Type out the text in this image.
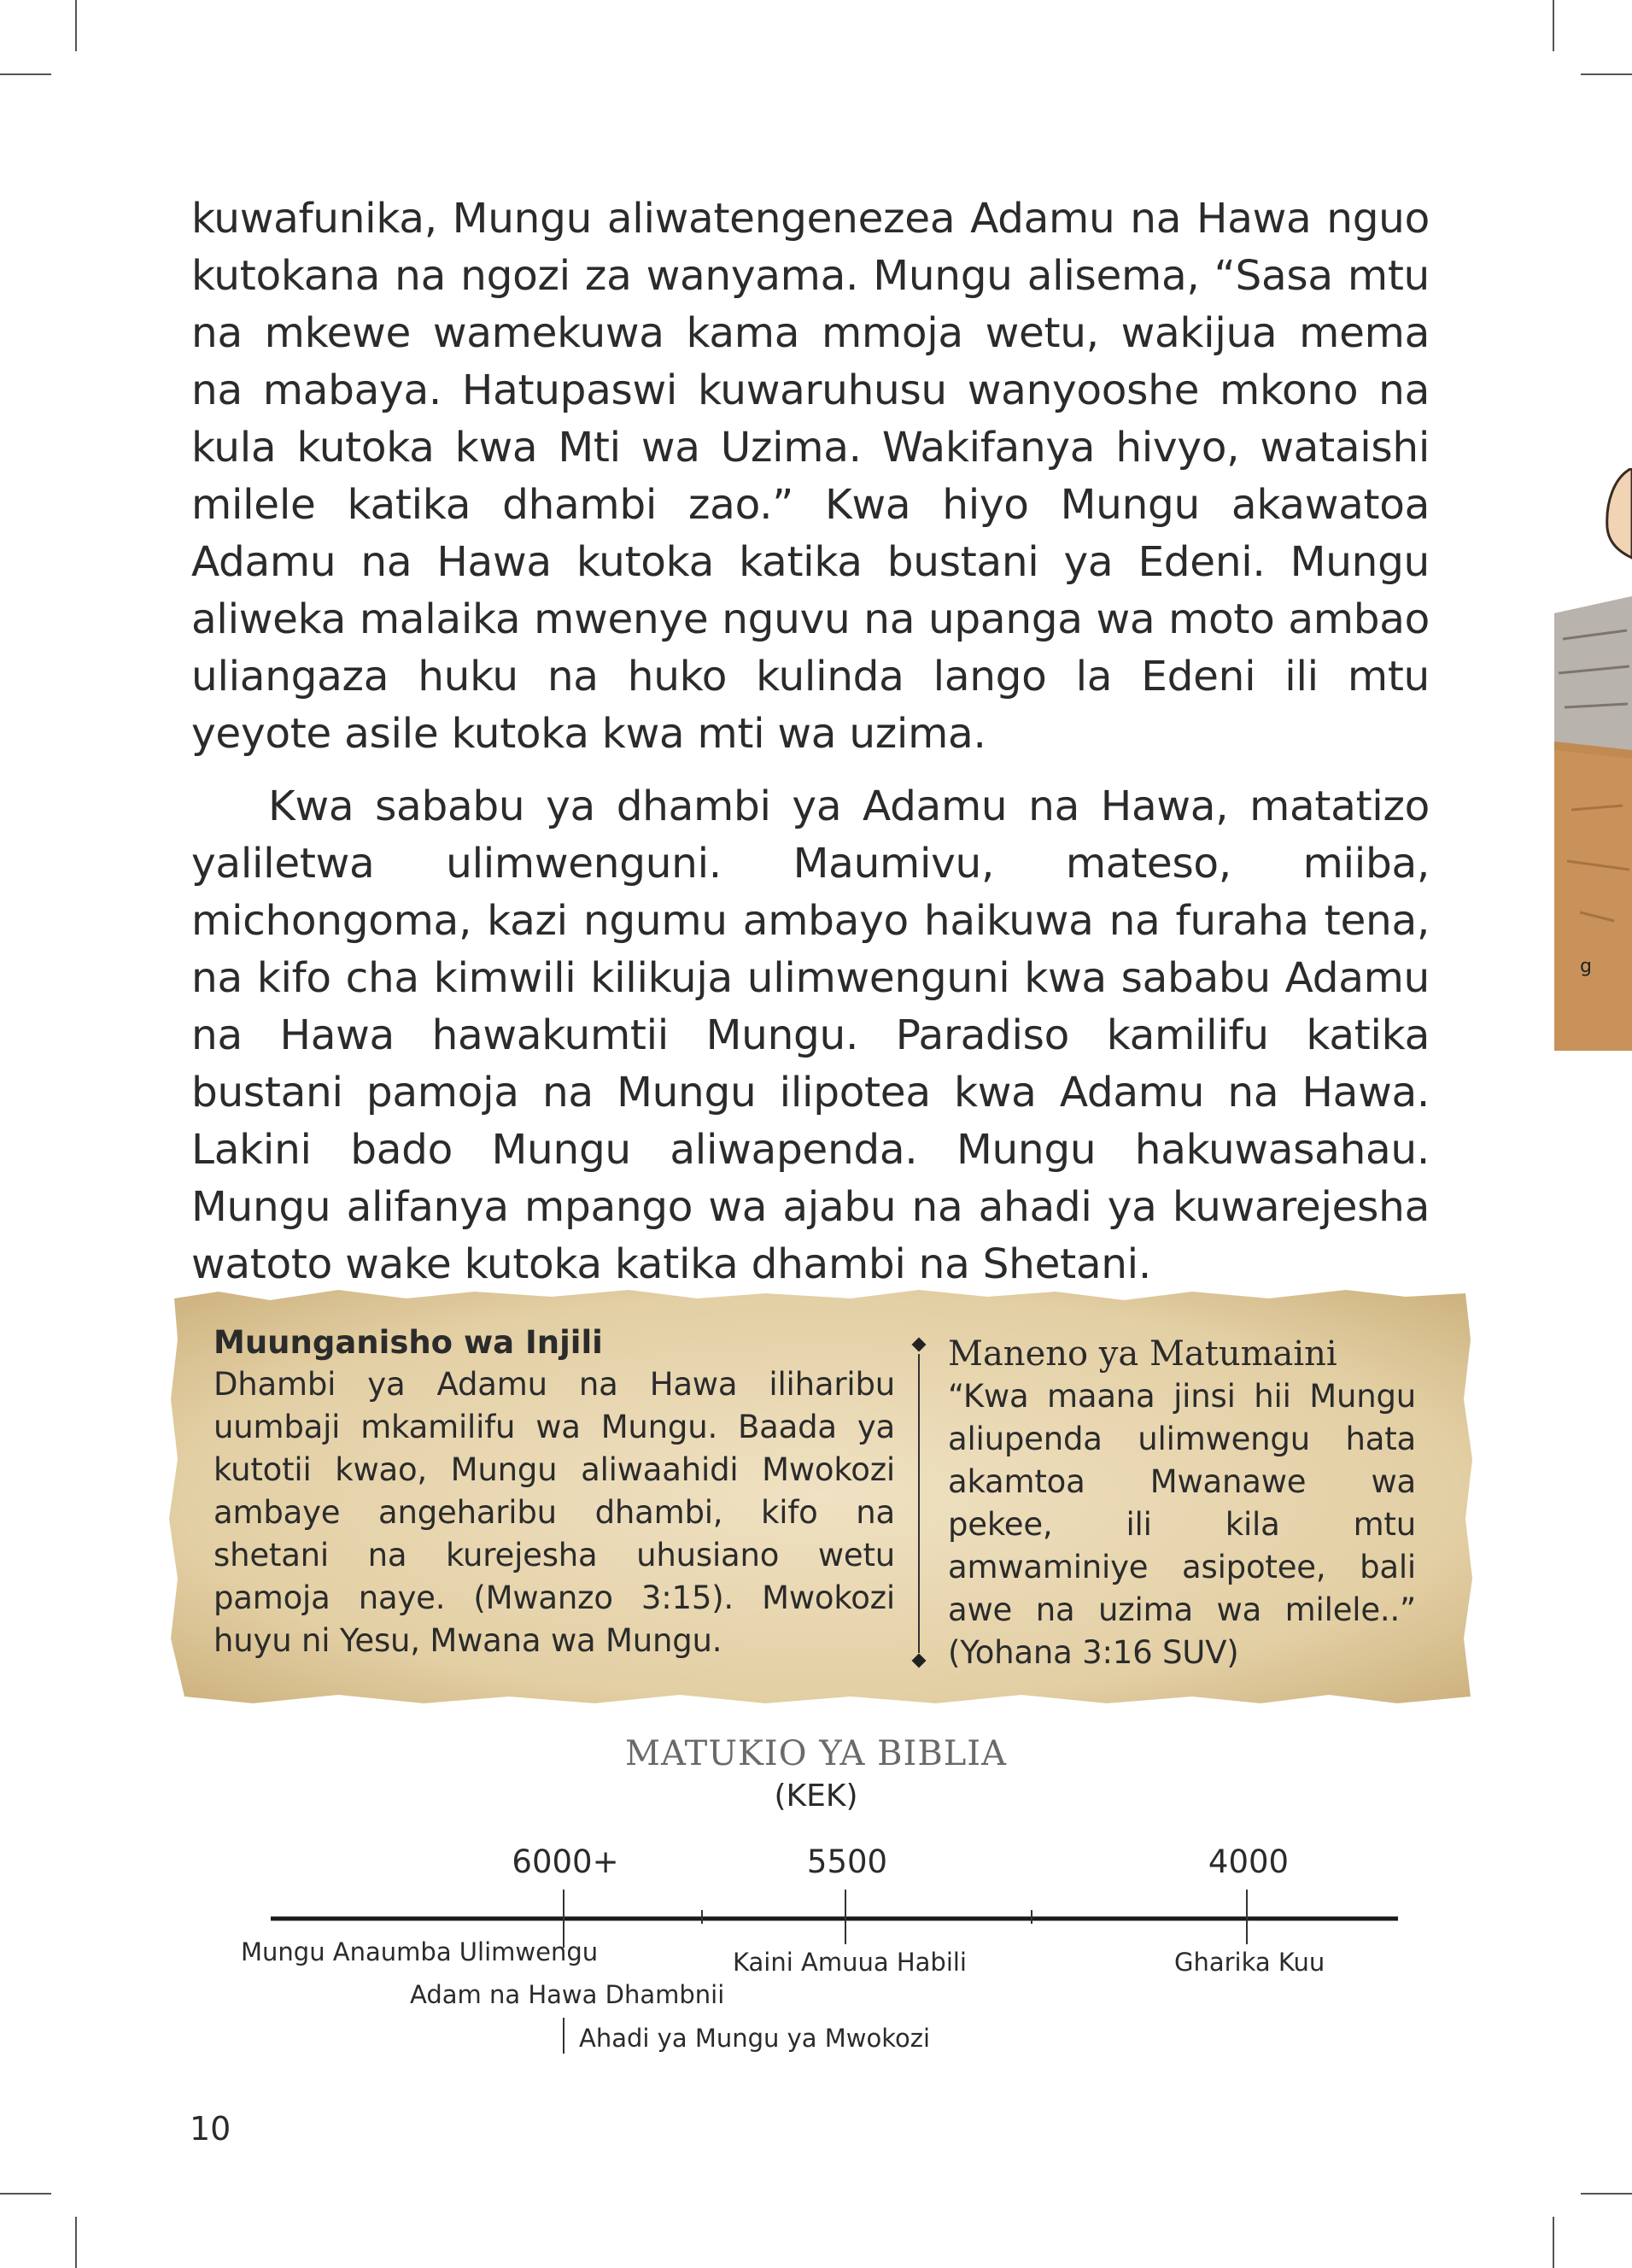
g

kuwafunika, Mungu aliwatengenezea Adamu na Hawa nguo kutokana na ngozi za wanyama. Mungu alisema, “Sasa mtu na mkewe wamekuwa kama mmoja wetu, wakijua mema na mabaya. Hatupaswi kuwaruhusu wanyooshe mkono na kula kutoka kwa Mti wa Uzima. Wakifanya hivyo, wataishi milele katika dhambi zao.” Kwa hiyo Mungu akawatoa Adamu na Hawa kutoka katika bustani ya Edeni. Mungu aliweka malaika mwenye nguvu na upanga wa moto ambao uliangaza huku na huko kulinda lango la Edeni ili mtu yeyote asile kutoka kwa mti wa uzima.

Kwa sababu ya dhambi ya Adamu na Hawa, matatizo yaliletwa ulimwenguni. Maumivu, mateso, miiba, michongoma, kazi ngumu ambayo haikuwa na furaha tena, na kifo cha kimwili kilikuja ulimwenguni kwa sababu Adamu na Hawa hawakumtii Mungu. Paradiso kamilifu katika bustani pamoja na Mungu ilipotea kwa Adamu na Hawa. Lakini bado Mungu aliwapenda. Mungu hakuwasahau. Mungu alifanya mpango wa ajabu na ahadi ya kuwarejesha watoto wake kutoka katika dhambi na Shetani.

Muunganisho wa Injili

Dhambi ya Adamu na Hawa iliharibu uumbaji mkamilifu wa Mungu. Baada ya kutotii kwao, Mungu aliwaahidi Mwokozi ambaye angeharibu dhambi, kifo na shetani na kurejesha uhusiano wetu pamoja naye. (Mwanzo 3:15). Mwokozi huyu ni Yesu, Mwana wa Mungu.

Maneno ya Matumaini

“Kwa maana jinsi hii Mungu aliupenda ulimwengu hata akamtoa Mwanawe wa pekee, ili kila mtu amwaminiye asipotee, bali awe na uzima wa milele..” (Yohana 3:16 SUV)

MATUKIO YA BIBLIA
(KEK)
6000+	5500	4000
Mungu Anaumba Ulimwengu
Adam na Hawa Dhambnii
Ahadi ya Mungu ya Mwokozi
Kaini Amuua Habili	Gharika Kuu
10
